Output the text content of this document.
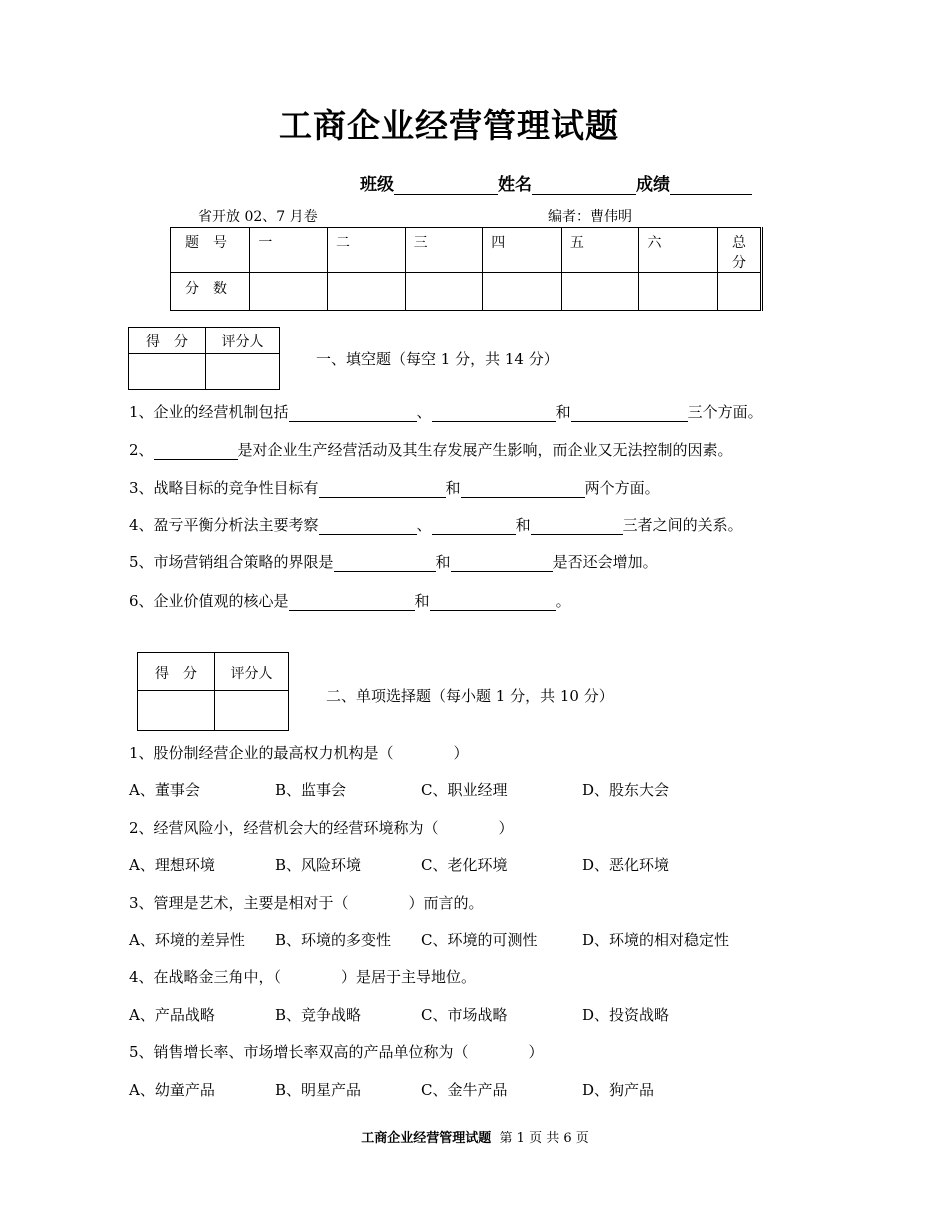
工商企业经营管理试题
班级	姓名	成绩
省开放 02、7 月卷	编者：曹伟明
题　号	一	二	三	四	五	六	总　分
分　数							
得　分	评分人

一、填空题（每空 1 分，共 14 分）
1、企业的经营机制包括	、	和	三个方面。
2、	是对企业生产经营活动及其生存发展产生影响，而企业又无法控制的因素。
3、战略目标的竞争性目标有	和	两个方面。
4、盈亏平衡分析法主要考察	、	和	三者之间的关系。
5、市场营销组合策略的界限是	和	是否还会增加。
6、企业价值观的核心是	和	。
得　分	评分人

二、单项选择题（每小题 1 分，共 10 分）
1、股份制经营企业的最高权力机构是（　　　　）
A、董事会	B、监事会	C、职业经理	D、股东大会
2、经营风险小，经营机会大的经营环境称为（　　　　）
A、理想环境	B、风险环境	C、老化环境	D、恶化环境
3、管理是艺术，主要是相对于（　　　　）而言的。
A、环境的差异性 B、环境的多变性 C、环境的可测性	D、环境的相对稳定性
4、在战略金三角中，（　　　　）是居于主导地位。
A、产品战略	B、竞争战略	C、市场战略	D、投资战略
5、销售增长率、市场增长率双高的产品单位称为（　　　　）
A、幼童产品	B、明星产品	C、金牛产品	D、狗产品
工商企业经营管理试题 第 1 页 共 6 页
